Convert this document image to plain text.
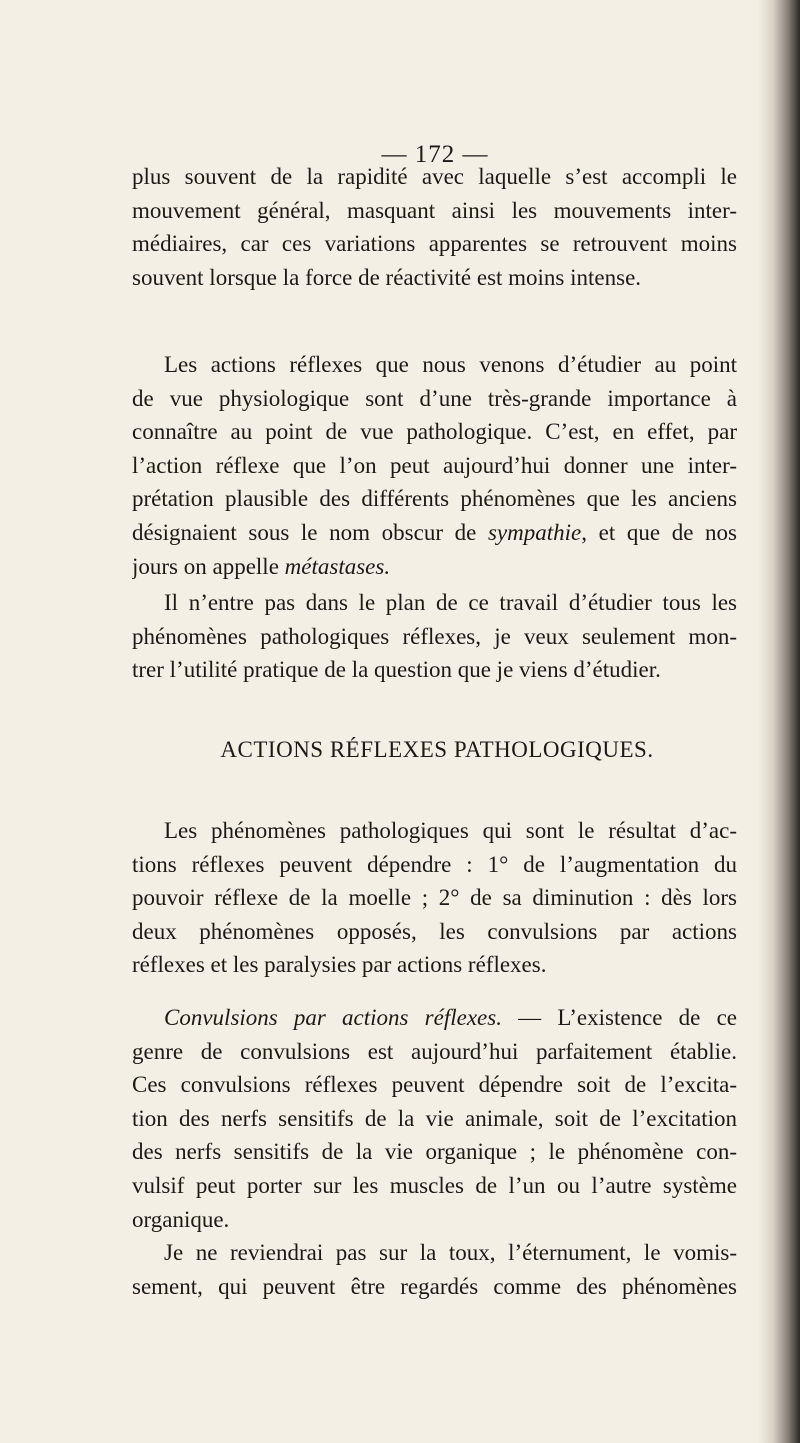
— 172 —
plus souvent de la rapidité avec laquelle s’est accompli le
mouvement général, masquant ainsi les mouvements inter-
médiaires, car ces variations apparentes se retrouvent moins
souvent lorsque la force de réactivité est moins intense.
Les actions réflexes que nous venons d’étudier au point
de vue physiologique sont d’une très-grande importance à
connaître au point de vue pathologique. C’est, en effet, par
l’action réflexe que l’on peut aujourd’hui donner une inter-
prétation plausible des différents phénomènes que les anciens
désignaient sous le nom obscur de sympathie, et que de nos
jours on appelle métastases.
Il n’entre pas dans le plan de ce travail d’étudier tous les
phénomènes pathologiques réflexes, je veux seulement mon-
trer l’utilité pratique de la question que je viens d’étudier.
ACTIONS RÉFLEXES PATHOLOGIQUES.
Les phénomènes pathologiques qui sont le résultat d’ac-
tions réflexes peuvent dépendre : 1° de l’augmentation du
pouvoir réflexe de la moelle ; 2° de sa diminution : dès lors
deux phénomènes opposés, les convulsions par actions
réflexes et les paralysies par actions réflexes.
Convulsions par actions réflexes. — L’existence de ce
genre de convulsions est aujourd’hui parfaitement établie.
Ces convulsions réflexes peuvent dépendre soit de l’excita-
tion des nerfs sensitifs de la vie animale, soit de l’excitation
des nerfs sensitifs de la vie organique ; le phénomène con-
vulsif peut porter sur les muscles de l’un ou l’autre système
organique.
Je ne reviendrai pas sur la toux, l’éternument, le vomis-
sement, qui peuvent être regardés comme des phénomènes
